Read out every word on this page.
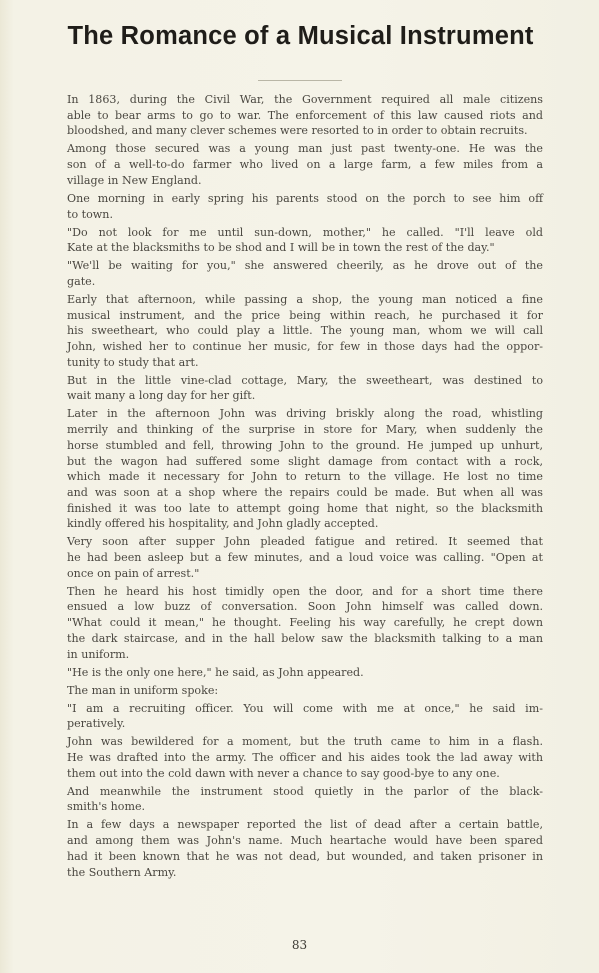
The Romance of a Musical Instrument
In 1863, during the Civil War, the Government required all male citizens
able to bear arms to go to war. The enforcement of this law caused riots and
bloodshed, and many clever schemes were resorted to in order to obtain recruits.
Among those secured was a young man just past twenty-one. He was the
son of a well-to-do farmer who lived on a large farm, a few miles from a
village in New England.
One morning in early spring his parents stood on the porch to see him off
to town.
"Do not look for me until sun-down, mother," he called. "I'll leave old
Kate at the blacksmiths to be shod and I will be in town the rest of the day."
"We'll be waiting for you," she answered cheerily, as he drove out of the
gate.
Early that afternoon, while passing a shop, the young man noticed a fine
musical instrument, and the price being within reach, he purchased it for
his sweetheart, who could play a little. The young man, whom we will call
John, wished her to continue her music, for few in those days had the oppor-
tunity to study that art.
But in the little vine-clad cottage, Mary, the sweetheart, was destined to
wait many a long day for her gift.
Later in the afternoon John was driving briskly along the road, whistling
merrily and thinking of the surprise in store for Mary, when suddenly the
horse stumbled and fell, throwing John to the ground. He jumped up unhurt,
but the wagon had suffered some slight damage from contact with a rock,
which made it necessary for John to return to the village. He lost no time
and was soon at a shop where the repairs could be made. But when all was
finished it was too late to attempt going home that night, so the blacksmith
kindly offered his hospitality, and John gladly accepted.
Very soon after supper John pleaded fatigue and retired. It seemed that
he had been asleep but a few minutes, and a loud voice was calling. "Open at
once on pain of arrest."
Then he heard his host timidly open the door, and for a short time there
ensued a low buzz of conversation. Soon John himself was called down.
"What could it mean," he thought. Feeling his way carefully, he crept down
the dark staircase, and in the hall below saw the blacksmith talking to a man
in uniform.
"He is the only one here," he said, as John appeared.
The man in uniform spoke:
"I am a recruiting officer. You will come with me at once," he said im-
peratively.
John was bewildered for a moment, but the truth came to him in a flash.
He was drafted into the army. The officer and his aides took the lad away with
them out into the cold dawn with never a chance to say good-bye to any one.
And meanwhile the instrument stood quietly in the parlor of the black-
smith's home.
In a few days a newspaper reported the list of dead after a certain battle,
and among them was John's name. Much heartache would have been spared
had it been known that he was not dead, but wounded, and taken prisoner in
the Southern Army.
83
